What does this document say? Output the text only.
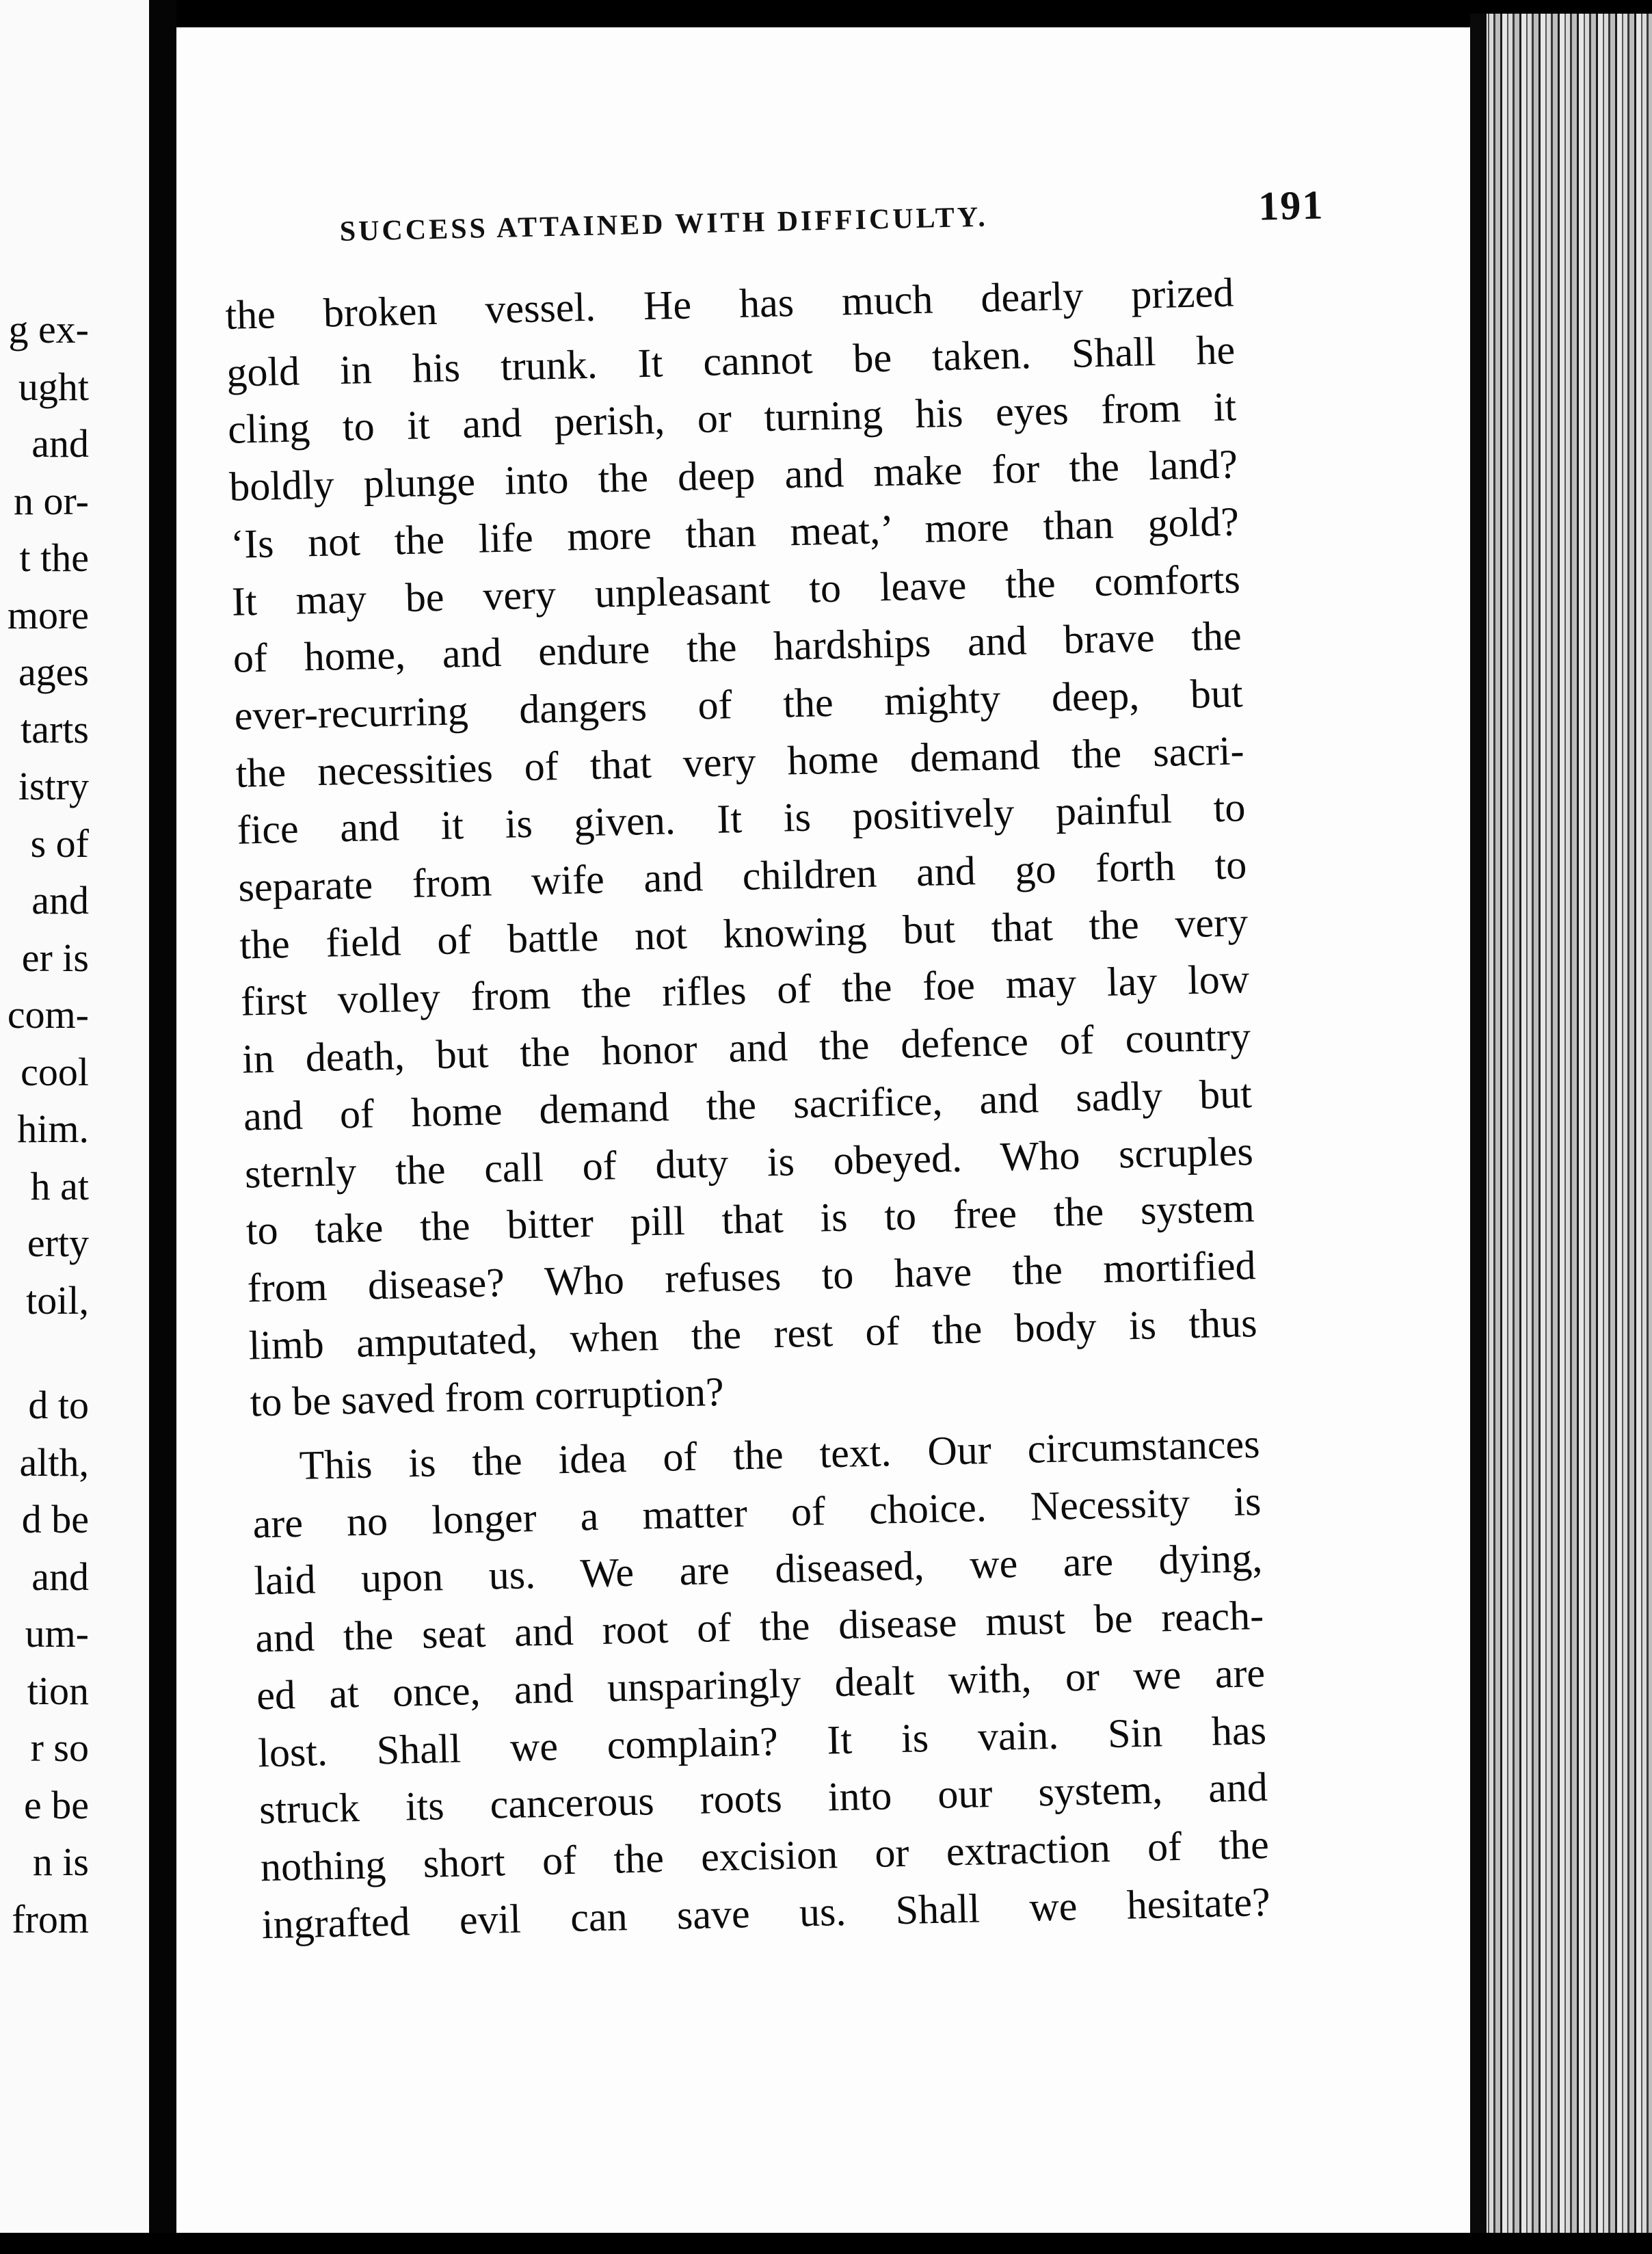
g ex-
ught
and
n or-
t the
more
ages
tarts
istry
s of
and
er is
com-
cool
him.
h at
erty
toil,
d to
alth,
d be
and
um-
tion
r so
e be
n is
from
SUCCESS ATTAINED WITH DIFFICULTY.	191
the broken vessel. He has much dearly prized
gold in his trunk. It cannot be taken. Shall he
cling to it and perish, or turning his eyes from it
boldly plunge into the deep and make for the land?
‘Is not the life more than meat,’ more than gold?
It may be very unpleasant to leave the comforts
of home, and endure the hardships and brave the
ever-recurring dangers of the mighty deep, but
the necessities of that very home demand the sacri-
fice and it is given. It is positively painful to
separate from wife and children and go forth to
the field of battle not knowing but that the very
first volley from the rifles of the foe may lay low
in death, but the honor and the defence of country
and of home demand the sacrifice, and sadly but
sternly the call of duty is obeyed. Who scruples
to take the bitter pill that is to free the system
from disease? Who refuses to have the mortified
limb amputated, when the rest of the body is thus
to be saved from corruption?
This is the idea of the text. Our circumstances
are no longer a matter of choice. Necessity is
laid upon us. We are diseased, we are dying,
and the seat and root of the disease must be reach-
ed at once, and unsparingly dealt with, or we are
lost. Shall we complain? It is vain. Sin has
struck its cancerous roots into our system, and
nothing short of the excision or extraction of the
ingrafted evil can save us. Shall we hesitate?
